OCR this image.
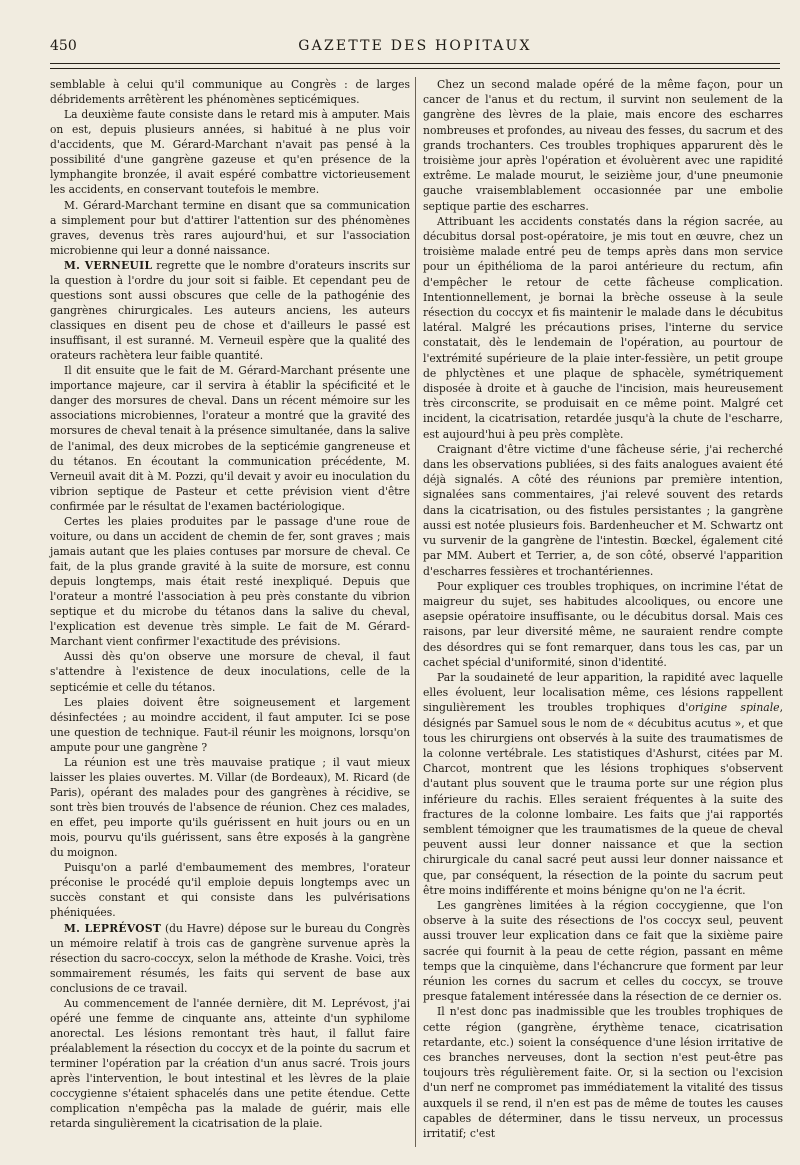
450	GAZETTE DES HOPITAUX

semblable à celui qu'il communique au Congrès : de larges débridements arrêtèrent les phénomènes septicémiques.

La deuxième faute consiste dans le retard mis à amputer. Mais on est, depuis plusieurs années, si habitué à ne plus voir d'accidents, que M. Gérard-Marchant n'avait pas pensé à la possibilité d'une gangrène gazeuse et qu'en présence de la lymphangite bronzée, il avait espéré combattre victorieusement les accidents, en conservant toutefois le membre.

M. Gérard-Marchant termine en disant que sa communication a simplement pour but d'attirer l'attention sur des phénomènes graves, devenus très rares aujourd'hui, et sur l'association microbienne qui leur a donné naissance.

M. VERNEUIL regrette que le nombre d'orateurs inscrits sur la question à l'ordre du jour soit si faible. Et cependant peu de questions sont aussi obscures que celle de la pathogénie des gangrènes chirurgicales. Les auteurs anciens, les auteurs classiques en disent peu de chose et d'ailleurs le passé est insuffisant, il est suranné. M. Verneuil espère que la qualité des orateurs rachètera leur faible quantité.

Il dit ensuite que le fait de M. Gérard-Marchant présente une importance majeure, car il servira à établir la spécificité et le danger des morsures de cheval. Dans un récent mémoire sur les associations microbiennes, l'orateur a montré que la gravité des morsures de cheval tenait à la présence simultanée, dans la salive de l'animal, des deux microbes de la septicémie gangreneuse et du tétanos. En écoutant la communication précédente, M. Verneuil avait dit à M. Pozzi, qu'il devait y avoir eu inoculation du vibrion septique de Pasteur et cette prévision vient d'être confirmée par le résultat de l'examen bactériologique.

Certes les plaies produites par le passage d'une roue de voiture, ou dans un accident de chemin de fer, sont graves ; mais jamais autant que les plaies contuses par morsure de cheval. Ce fait, de la plus grande gravité à la suite de morsure, est connu depuis longtemps, mais était resté inexpliqué. Depuis que l'orateur a montré l'association à peu près constante du vibrion septique et du microbe du tétanos dans la salive du cheval, l'explication est devenue très simple. Le fait de M. Gérard-Marchant vient confirmer l'exactitude des prévisions.

Aussi dès qu'on observe une morsure de cheval, il faut s'attendre à l'existence de deux inoculations, celle de la septicémie et celle du tétanos.

Les plaies doivent être soigneusement et largement désinfectées ; au moindre accident, il faut amputer. Ici se pose une question de technique. Faut-il réunir les moignons, lorsqu'on ampute pour une gangrène ?

La réunion est une très mauvaise pratique ; il vaut mieux laisser les plaies ouvertes. M. Villar (de Bordeaux), M. Ricard (de Paris), opérant des malades pour des gangrènes à récidive, se sont très bien trouvés de l'absence de réunion. Chez ces malades, en effet, peu importe qu'ils guérissent en huit jours ou en un mois, pourvu qu'ils guérissent, sans être exposés à la gangrène du moignon.

Puisqu'on a parlé d'embaumement des membres, l'orateur préconise le procédé qu'il emploie depuis longtemps avec un succès constant et qui consiste dans les pulvérisations phéniquées.

M. LEPRÉVOST (du Havre) dépose sur le bureau du Congrès un mémoire relatif à trois cas de gangrène survenue après la résection du sacro-coccyx, selon la méthode de Krashe. Voici, très sommairement résumés, les faits qui servent de base aux conclusions de ce travail.

Au commencement de l'année dernière, dit M. Leprévost, j'ai opéré une femme de cinquante ans, atteinte d'un syphilome anorectal. Les lésions remontant très haut, il fallut faire préalablement la résection du coccyx et de la pointe du sacrum et terminer l'opération par la création d'un anus sacré. Trois jours après l'intervention, le bout intestinal et les lèvres de la plaie coccygienne s'étaient sphacelés dans une petite étendue. Cette complication n'empêcha pas la malade de guérir, mais elle retarda singulièrement la cicatrisation de la plaie.

Chez un second malade opéré de la même façon, pour un cancer de l'anus et du rectum, il survint non seulement de la gangrène des lèvres de la plaie, mais encore des escharres nombreuses et profondes, au niveau des fesses, du sacrum et des grands trochanters. Ces troubles trophiques apparurent dès le troisième jour après l'opération et évoluèrent avec une rapidité extrême. Le malade mourut, le seizième jour, d'une pneumonie gauche vraisemblablement occasionnée par une embolie septique partie des escharres.

Attribuant les accidents constatés dans la région sacrée, au décubitus dorsal post-opératoire, je mis tout en œuvre, chez un troisième malade entré peu de temps après dans mon service pour un épithélioma de la paroi antérieure du rectum, afin d'empêcher le retour de cette fâcheuse complication. Intentionnellement, je bornai la brèche osseuse à la seule résection du coccyx et fis maintenir le malade dans le décubitus latéral. Malgré les précautions prises, l'interne du service constatait, dès le lendemain de l'opération, au pourtour de l'extrémité supérieure de la plaie inter-fessière, un petit groupe de phlyctènes et une plaque de sphacèle, symétriquement disposée à droite et à gauche de l'incision, mais heureusement très circonscrite, se produisait en ce même point. Malgré cet incident, la cicatrisation, retardée jusqu'à la chute de l'escharre, est aujourd'hui à peu près complète.

Craignant d'être victime d'une fâcheuse série, j'ai recherché dans les observations publiées, si des faits analogues avaient été déjà signalés. A côté des réunions par première intention, signalées sans commentaires, j'ai relevé souvent des retards dans la cicatrisation, ou des fistules persistantes ; la gangrène aussi est notée plusieurs fois. Bardenheucher et M. Schwartz ont vu survenir de la gangrène de l'intestin. Bœckel, également cité par MM. Aubert et Terrier, a, de son côté, observé l'apparition d'escharres fessières et trochantériennes.

Pour expliquer ces troubles trophiques, on incrimine l'état de maigreur du sujet, ses habitudes alcooliques, ou encore une asepsie opératoire insuffisante, ou le décubitus dorsal. Mais ces raisons, par leur diversité même, ne sauraient rendre compte des désordres qui se font remarquer, dans tous les cas, par un cachet spécial d'uniformité, sinon d'identité.

Par la soudaineté de leur apparition, la rapidité avec laquelle elles évoluent, leur localisation même, ces lésions rappellent singulièrement les troubles trophiques d'origine spinale, désignés par Samuel sous le nom de « décubitus acutus », et que tous les chirurgiens ont observés à la suite des traumatismes de la colonne vertébrale. Les statistiques d'Ashurst, citées par M. Charcot, montrent que les lésions trophiques s'observent d'autant plus souvent que le trauma porte sur une région plus inférieure du rachis. Elles seraient fréquentes à la suite des fractures de la colonne lombaire. Les faits que j'ai rapportés semblent témoigner que les traumatismes de la queue de cheval peuvent aussi leur donner naissance et que la section chirurgicale du canal sacré peut aussi leur donner naissance et que, par conséquent, la résection de la pointe du sacrum peut être moins indifférente et moins bénigne qu'on ne l'a écrit.

Les gangrènes limitées à la région coccygienne, que l'on observe à la suite des résections de l'os coccyx seul, peuvent aussi trouver leur explication dans ce fait que la sixième paire sacrée qui fournit à la peau de cette région, passant en même temps que la cinquième, dans l'échancrure que forment par leur réunion les cornes du sacrum et celles du coccyx, se trouve presque fatalement intéressée dans la résection de ce dernier os.

Il n'est donc pas inadmissible que les troubles trophiques de cette région (gangrène, érythème tenace, cicatrisation retardante, etc.) soient la conséquence d'une lésion irritative de ces branches nerveuses, dont la section n'est peut-être pas toujours très régulièrement faite. Or, si la section ou l'excision d'un nerf ne compromet pas immédiatement la vitalité des tissus auxquels il se rend, il n'en est pas de même de toutes les causes capables de déterminer, dans le tissu nerveux, un processus irritatif; c'est
